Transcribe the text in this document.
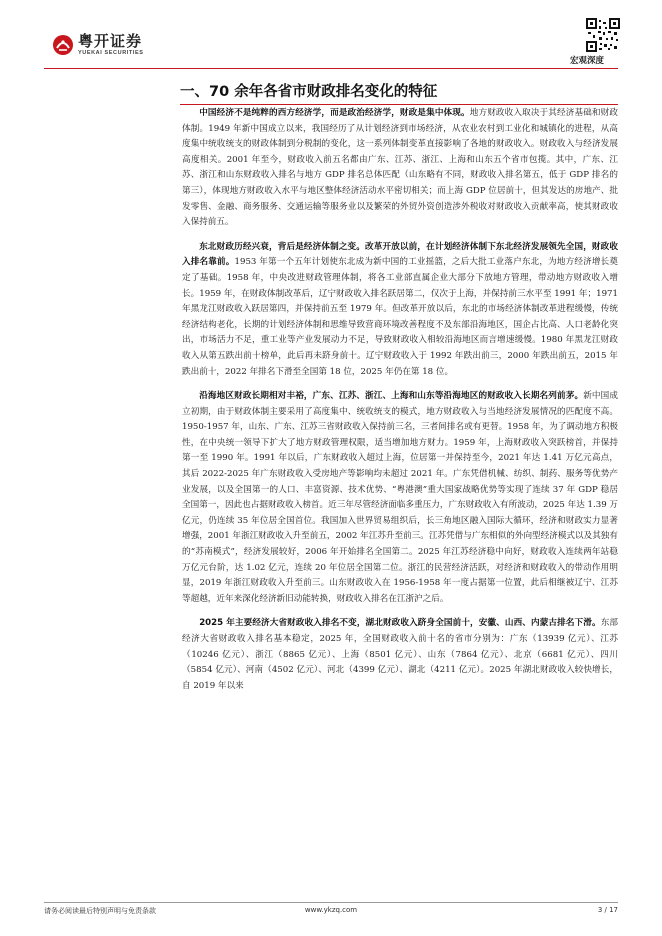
粤开证券
YUEKAI SECURITIES
宏观深度
一、70 余年各省市财政排名变化的特征

中国经济不是纯粹的西方经济学，而是政治经济学，财政是集中体现。地方财政收入取决于其经济基础和财政体制。1949 年新中国成立以来，我国经历了从计划经济到市场经济，从农业农村到工业化和城镇化的进程，从高度集中统收统支的财政体制到分税制的变化，这一系列体制变革直接影响了各地的财政收入。财政收入与经济发展高度相关。2001 年至今，财政收入前五名都由广东、江苏、浙江、上海和山东五个省市包揽。其中，广东、江苏、浙江和山东财政收入排名与地方 GDP 排名总体匹配（山东略有不同，财政收入排名第五，低于 GDP 排名的第三），体现地方财政收入水平与地区整体经济活动水平密切相关；而上海 GDP 位居前十，但其发达的房地产、批发零售、金融、商务服务、交通运输等服务业以及繁荣的外贸外资创造涉外税收对财政收入贡献率高，使其财政收入保持前五。

东北财政历经兴衰，背后是经济体制之变。改革开放以前，在计划经济体制下东北经济发展领先全国，财政收入排名靠前。1953 年第一个五年计划使东北成为新中国的工业摇篮，之后大批工业落户东北，为地方经济增长奠定了基础。1958 年，中央改进财政管理体制，将各工业部直属企业大部分下放地方管理，带动地方财政收入增长。1959 年，在财政体制改革后，辽宁财政收入排名跃居第二，仅次于上海，并保持前三水平至 1991 年；1971 年黑龙江财政收入跃居第四，并保持前五至 1979 年。但改革开放以后，东北的市场经济体制改革进程缓慢，传统经济结构老化，长期的计划经济体制和思维导致营商环境改善程度不及东部沿海地区，国企占比高、人口老龄化突出，市场活力不足，重工业等产业发展动力不足，导致财政收入相较沿海地区而言增速缓慢。1980 年黑龙江财政收入从第五跌出前十榜单，此后再未跻身前十。辽宁财政收入于 1992 年跌出前三，2000 年跌出前五，2015 年跌出前十，2022 年排名下滑至全国第 18 位，2025 年仍在第 18 位。

沿海地区财政长期相对丰裕，广东、江苏、浙江、上海和山东等沿海地区的财政收入长期名列前茅。新中国成立初期，由于财政体制主要采用了高度集中、统收统支的模式，地方财政收入与当地经济发展情况的匹配度不高。1950-1957 年，山东、广东、江苏三省财政收入保持前三名，三者间排名或有更替。1958 年，为了调动地方积极性，在中央统一领导下扩大了地方财政管理权限，适当增加地方财力。1959 年，上海财政收入突跃榜首，并保持第一至 1990 年。1991 年以后，广东财政收入超过上海，位居第一并保持至今，2021 年达 1.41 万亿元高点，其后 2022-2025 年广东财政收入受房地产等影响均未超过 2021 年。广东凭借机械、纺织、制药、服务等优势产业发展，以及全国第一的人口、丰富资源、技术优势、“粤港澳”重大国家战略优势等实现了连续 37 年 GDP 稳居全国第一，因此也占据财政收入榜首。近三年尽管经济面临多重压力，广东财政收入有所波动，2025 年达 1.39 万亿元，仍连续 35 年位居全国首位。我国加入世界贸易组织后，长三角地区融入国际大循环，经济和财政实力显著增强，2001 年浙江财政收入升至前五，2002 年江苏升至前三。江苏凭借与广东相似的外向型经济模式以及其独有的“苏南模式”，经济发展较好，2006 年开始排名全国第二。2025 年江苏经济稳中向好，财政收入连续两年站稳万亿元台阶，达 1.02 亿元，连续 20 年位居全国第二位。浙江的民营经济活跃，对经济和财政收入的带动作用明显，2019 年浙江财政收入升至前三。山东财政收入在 1956-1958 年一度占据第一位置，此后相继被辽宁、江苏等超越，近年来深化经济新旧动能转换，财政收入排名在江浙沪之后。

2025 年主要经济大省财政收入排名不变，湖北财政收入跻身全国前十，安徽、山西、内蒙古排名下滑。东部经济大省财政收入排名基本稳定，2025 年，全国财政收入前十名的省市分别为：广东（13939 亿元）、江苏（10246 亿元）、浙江（8865 亿元）、上海（8501 亿元）、山东（7864 亿元）、北京（6681 亿元）、四川（5854 亿元）、河南（4502 亿元）、河北（4399 亿元）、湖北（4211 亿元）。2025 年湖北财政收入较快增长，自 2019 年以来

请务必阅读最后特别声明与免责条款	www.ykzq.com	3 / 17
